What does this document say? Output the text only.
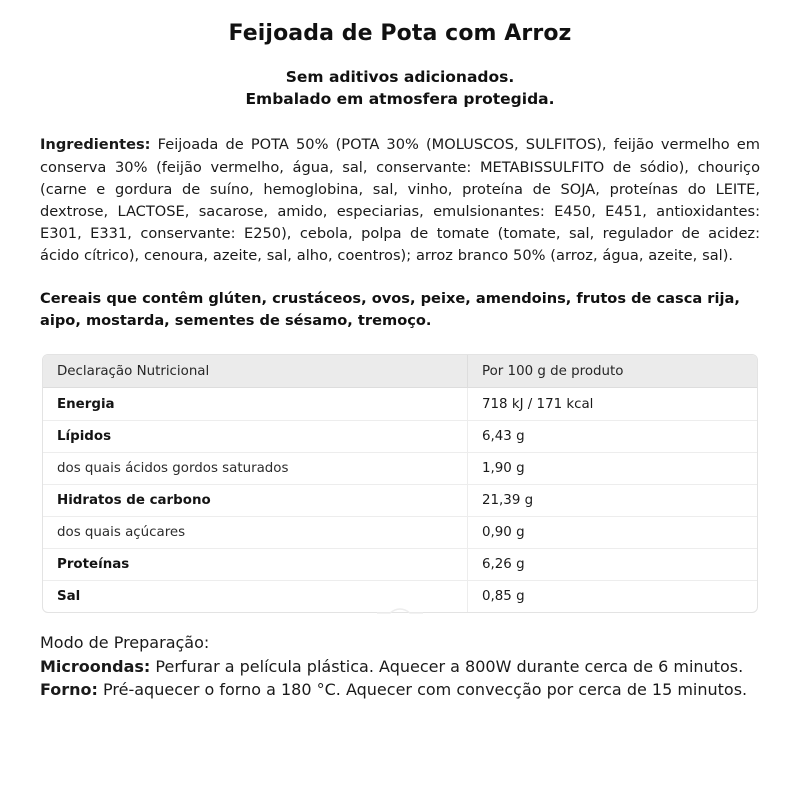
Feijoada de Pota com Arroz
Sem aditivos adicionados.
Embalado em atmosfera protegida.

Ingredientes: Feijoada de POTA 50% (POTA 30% (MOLUSCOS, SULFITOS), feijão vermelho em conserva 30% (feijão vermelho, água, sal, conservante: METABISSULFITO de sódio), chouriço (carne e gordura de suíno, hemoglobina, sal, vinho, proteína de SOJA, proteínas do LEITE, dextrose, LACTOSE, sacarose, amido, especiarias, emulsionantes: E450, E451, antioxidantes: E301, E331, conservante: E250), cebola, polpa de tomate (tomate, sal, regulador de acidez: ácido cítrico), cenoura, azeite, sal, alho, coentros); arroz branco 50% (arroz, água, azeite, sal).

Cereais que contêm glúten, crustáceos, ovos, peixe, amendoins, frutos de casca rija, aipo, mostarda, sementes de sésamo, tremoço.

Declaração Nutricional	Por 100 g de produto
Energia	718 kJ / 171 kcal
Lípidos	6,43 g
dos quais ácidos gordos saturados	1,90 g
Hidratos de carbono	21,39 g
dos quais açúcares	0,90 g
Proteínas	6,26 g
Sal	0,85 g
Modo de Preparação:
Microondas: Perfurar a película plástica. Aquecer a 800W durante cerca de 6 minutos. Forno: Pré-aquecer o forno a 180 °C. Aquecer com convecção por cerca de 15 minutos.
